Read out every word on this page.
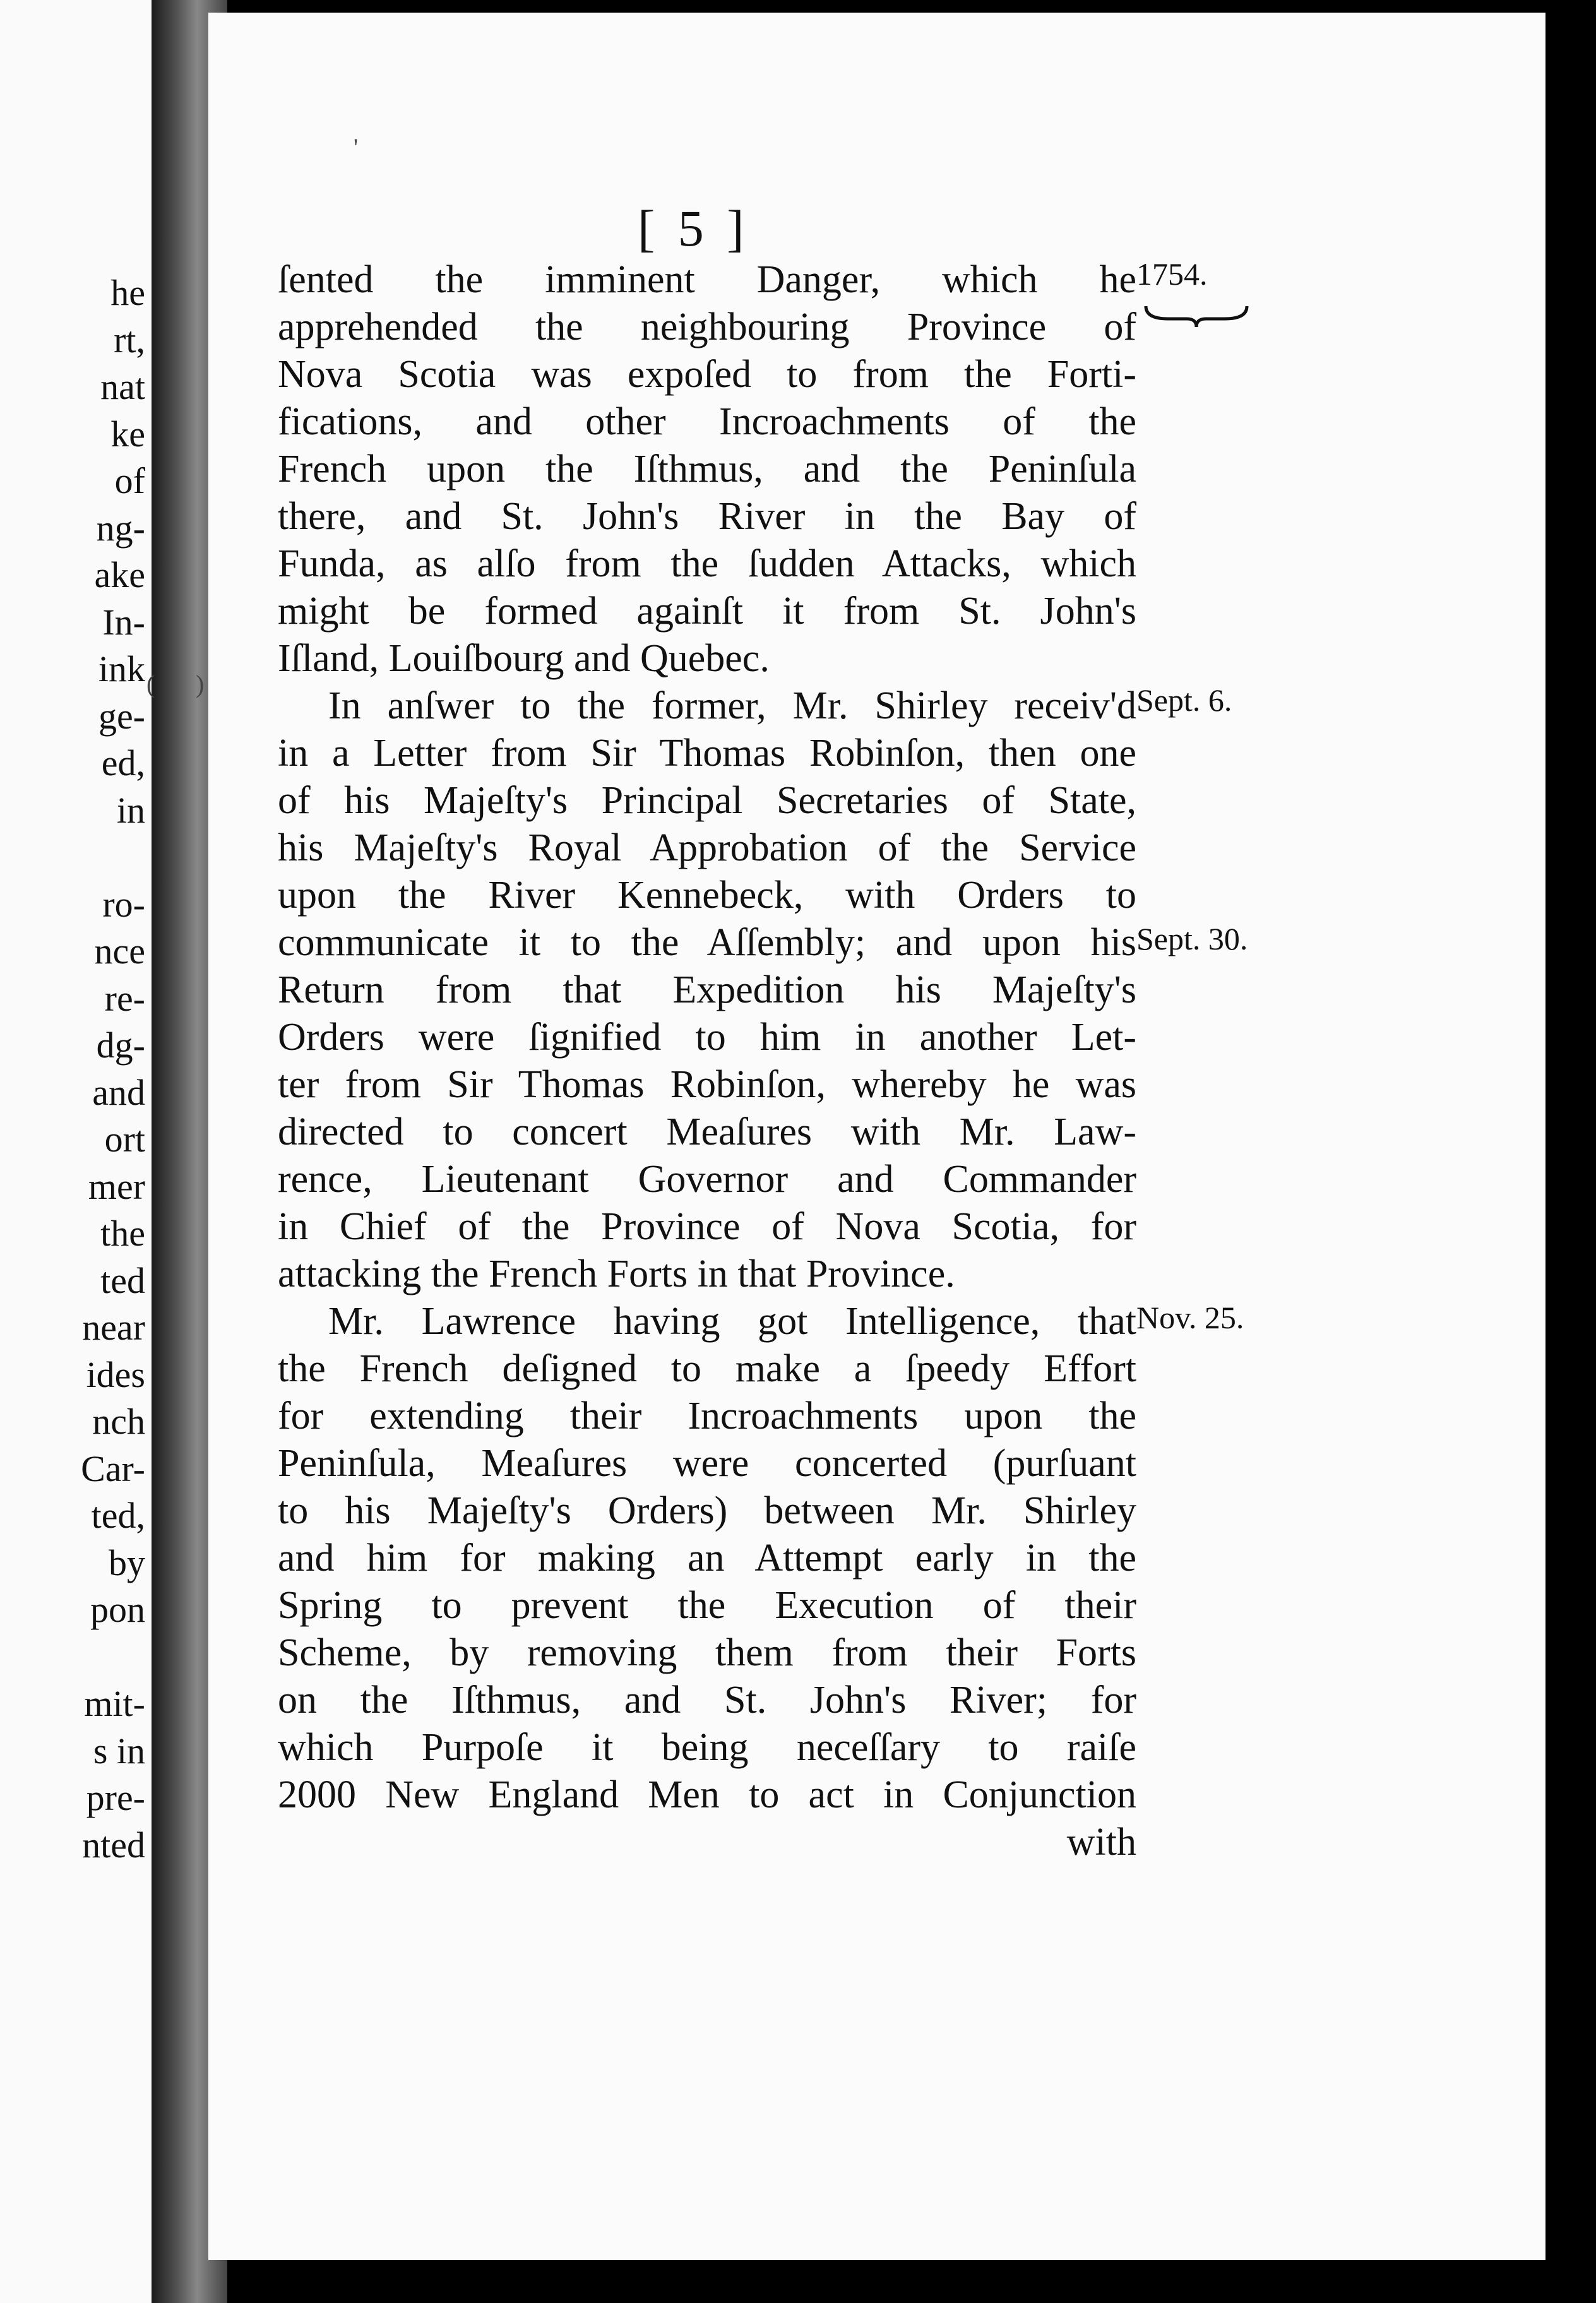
he
rt,
nat
ke
of
ng-
ake
In-
ink
ge-
ed,
in
ro-
nce
re-
dg-
and
ort
mer
the
ted
near
ides
nch
Car-
ted,
by
pon
mit-
s in
pre-
nted
[ 5 ]
ſented the imminent Danger, which he
apprehended the neighbouring Province of
Nova Scotia was expoſed to from the Forti-
fications, and other Incroachments of the
French upon the Iſthmus, and the Peninſula
there, and St. John's River in the Bay of
Funda, as alſo from the ſudden Attacks, which
might be formed againſt it from St. John's
Iſland, Louiſbourg and Quebec.
In anſwer to the former, Mr. Shirley receiv'd
in a Letter from Sir Thomas Robinſon, then one
of his Majeſty's Principal Secretaries of State,
his Majeſty's Royal Approbation of the Service
upon the River Kennebeck, with Orders to
communicate it to the Aſſembly; and upon his
Return from that Expedition his Majeſty's
Orders were ſignified to him in another Let-
ter from Sir Thomas Robinſon, whereby he was
directed to concert Meaſures with Mr. Law-
rence, Lieutenant Governor and Commander
in Chief of the Province of Nova Scotia, for
attacking the French Forts in that Province.
Mr. Lawrence having got Intelligence, that
the French deſigned to make a ſpeedy Effort
for extending their Incroachments upon the
Peninſula, Meaſures were concerted (purſuant
to his Majeſty's Orders) between Mr. Shirley
and him for making an Attempt early in the
Spring to prevent the Execution of their
Scheme, by removing them from their Forts
on the Iſthmus, and St. John's River; for
which Purpoſe it being neceſſary to raiſe
2000 New England Men to act in Conjunction
with
1754.
Sept. 6.
Sept. 30.
Nov. 25.
'
( )
